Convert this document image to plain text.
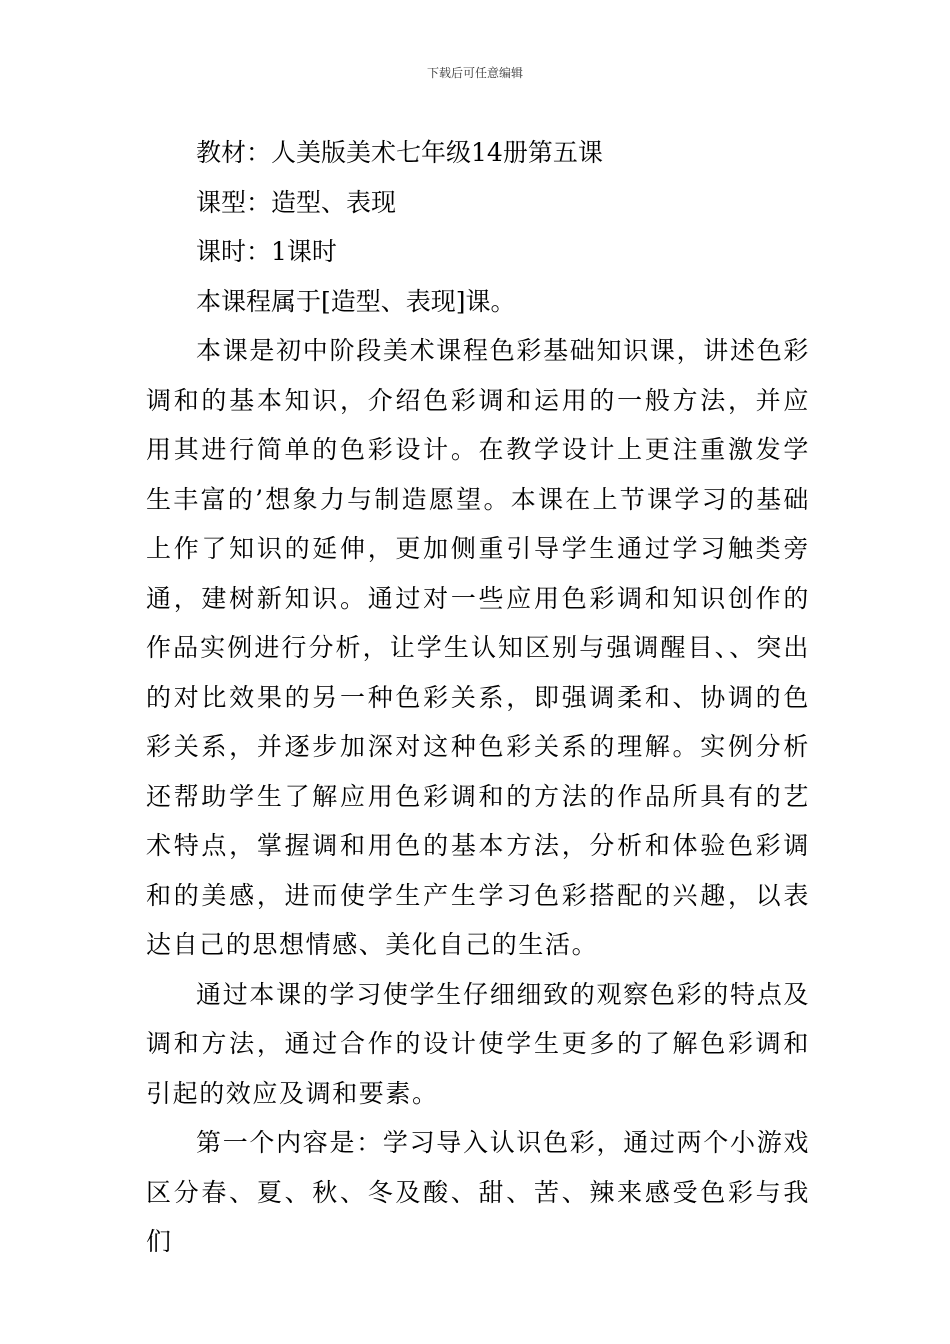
下载后可任意编辑

教材：人美版美术七年级14册第五课

课型：造型、表现

课时：1课时

本课程属于[造型、表现]课。

本课是初中阶段美术课程色彩基础知识课，讲述色彩调和的基本知识，介绍色彩调和运用的一般方法，并应用其进行简单的色彩设计。在教学设计上更注重激发学生丰富的’想象力与制造愿望。本课在上节课学习的基础上作了知识的延伸，更加侧重引导学生通过学习触类旁通，建树新知识。通过对一些应用色彩调和知识创作的作品实例进行分析，让学生认知区别与强调醒目、、突出的对比效果的另一种色彩关系，即强调柔和、协调的色彩关系，并逐步加深对这种色彩关系的理解。实例分析还帮助学生了解应用色彩调和的方法的作品所具有的艺术特点，掌握调和用色的基本方法，分析和体验色彩调和的美感，进而使学生产生学习色彩搭配的兴趣，以表达自己的思想情感、美化自己的生活。

通过本课的学习使学生仔细细致的观察色彩的特点及调和方法，通过合作的设计使学生更多的了解色彩调和引起的效应及调和要素。

第一个内容是：学习导入认识色彩，通过两个小游戏区分春、夏、秋、冬及酸、甜、苦、辣来感受色彩与我们
